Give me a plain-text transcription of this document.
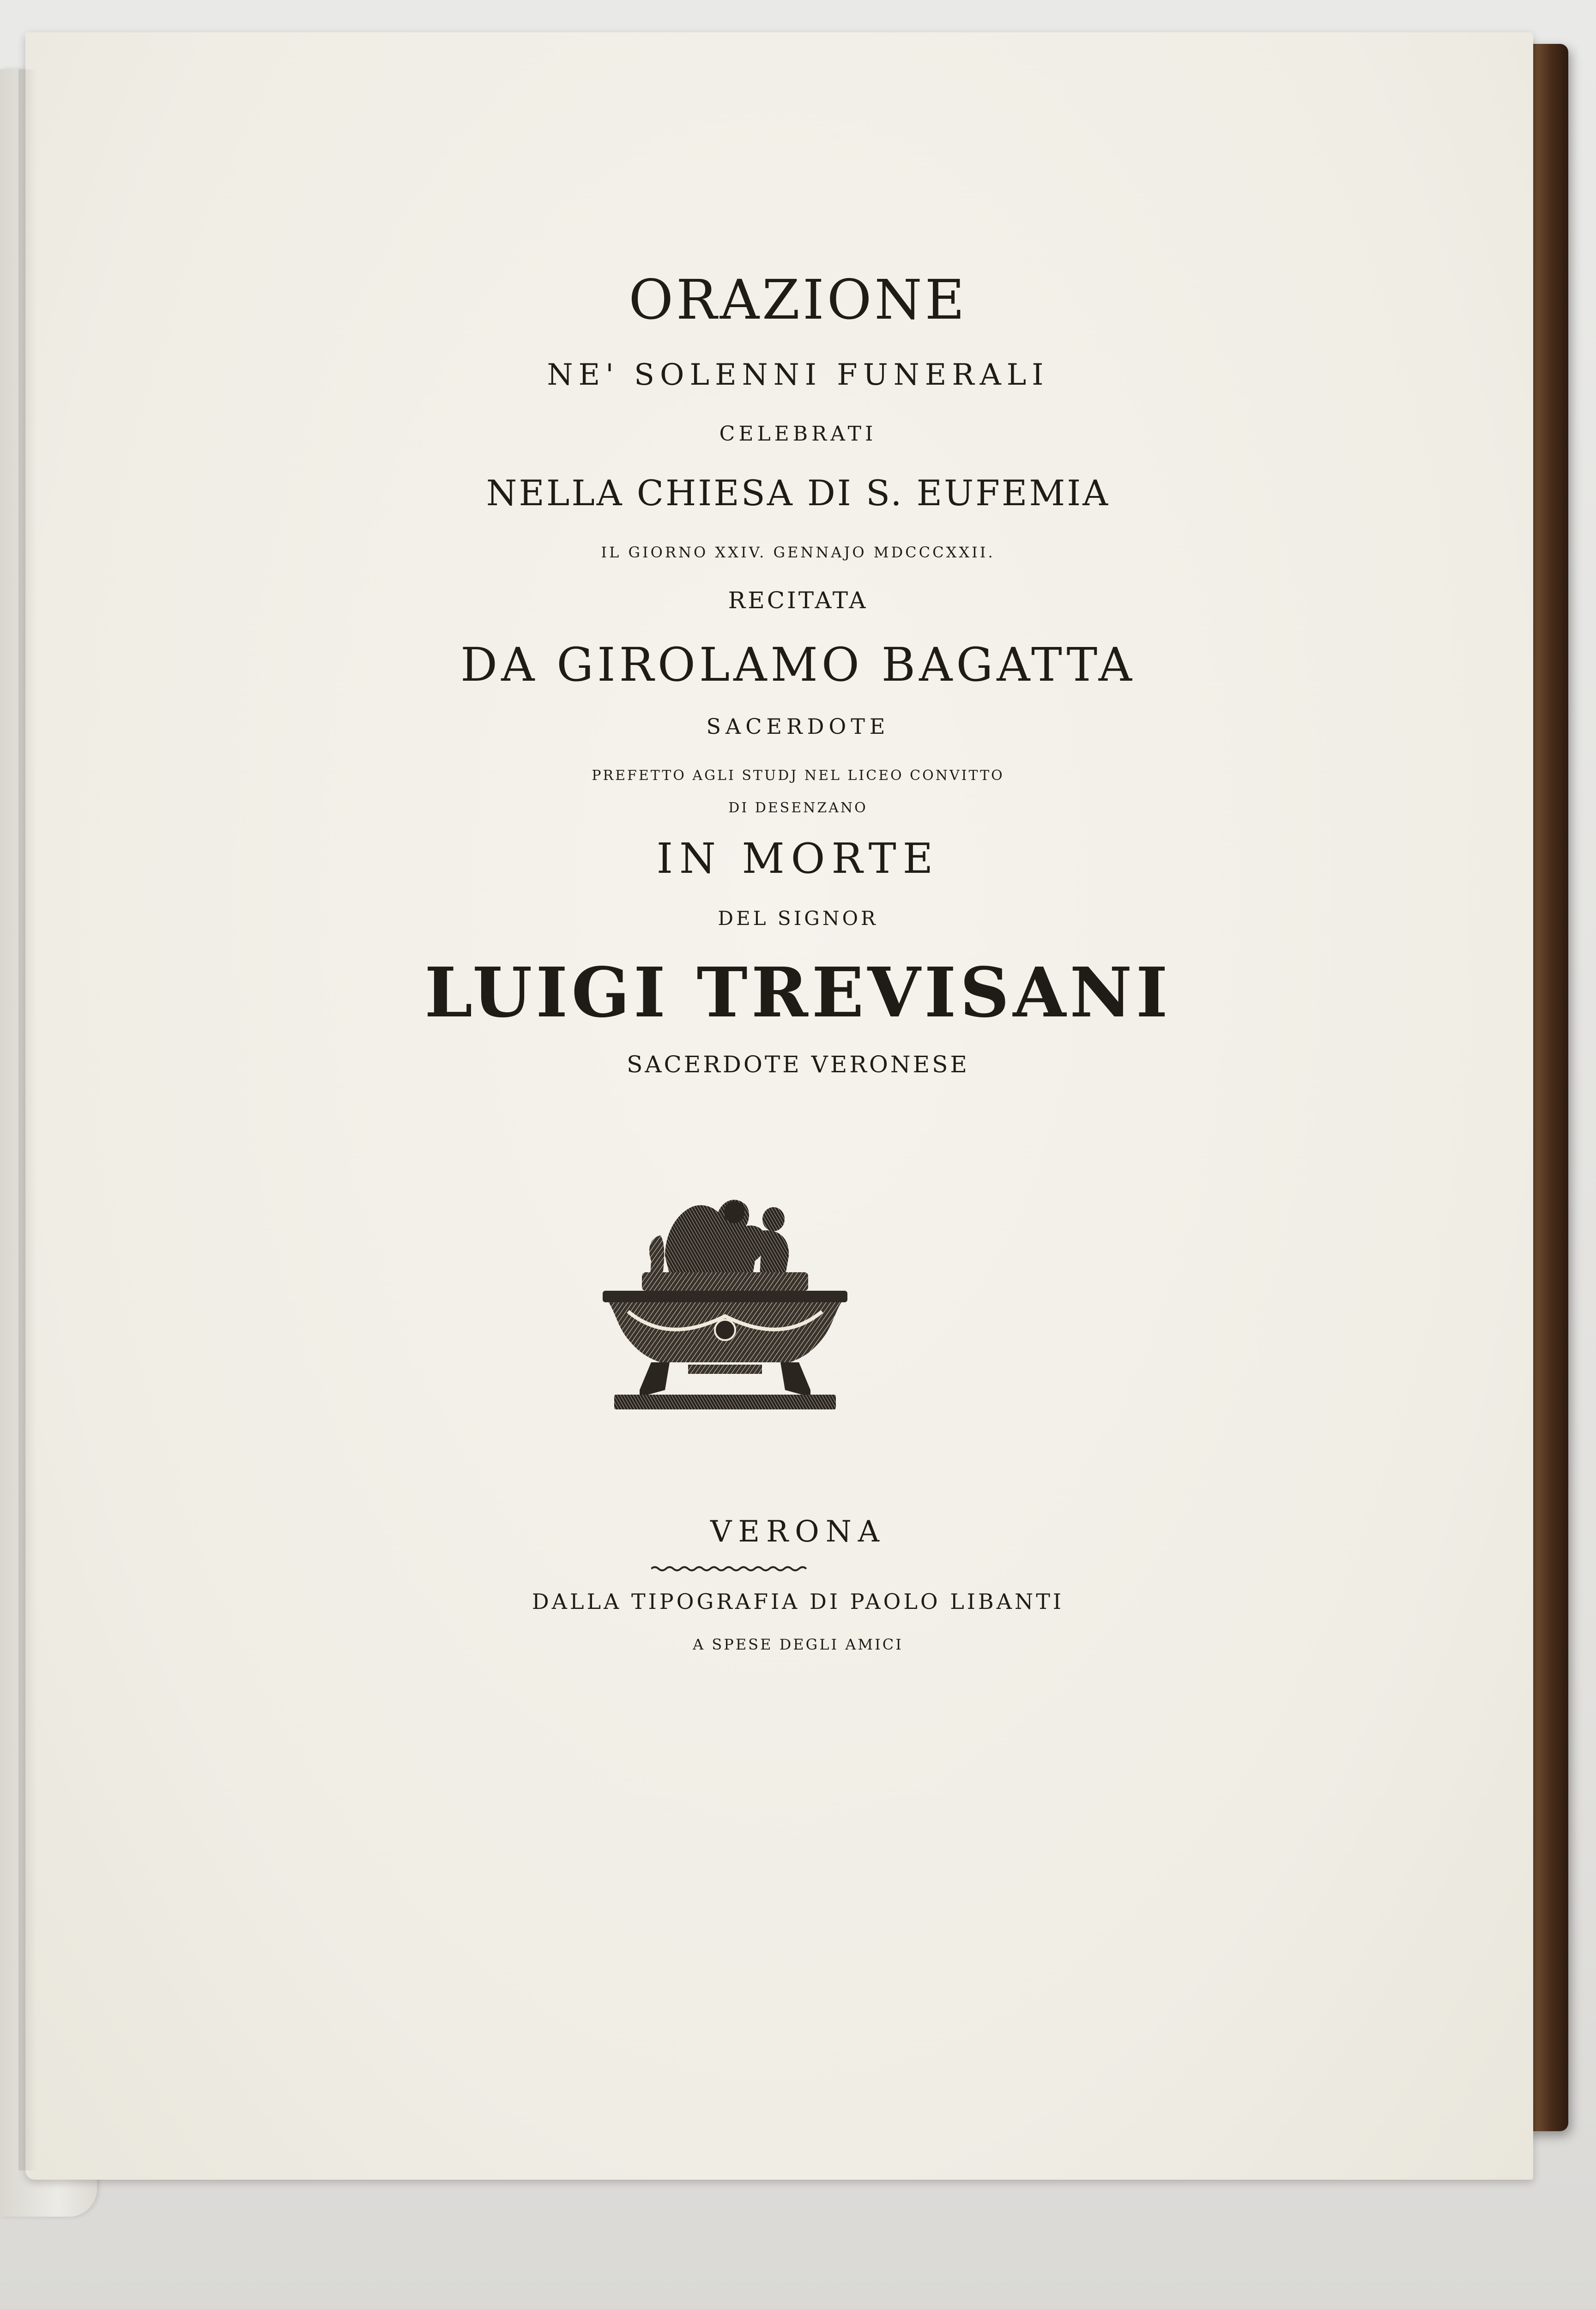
ORAZIONE

NE' SOLENNI FUNERALI

CELEBRATI

NELLA CHIESA DI S. EUFEMIA

IL GIORNO XXIV. GENNAJO MDCCCXXII.

RECITATA

DA GIROLAMO BAGATTA

SACERDOTE

PREFETTO AGLI STUDJ NEL LICEO CONVITTO

DI DESENZANO

IN MORTE

DEL SIGNOR

LUIGI TREVISANI

SACERDOTE VERONESE

VERONA

DALLA TIPOGRAFIA DI PAOLO LIBANTI

A SPESE DEGLI AMICI
